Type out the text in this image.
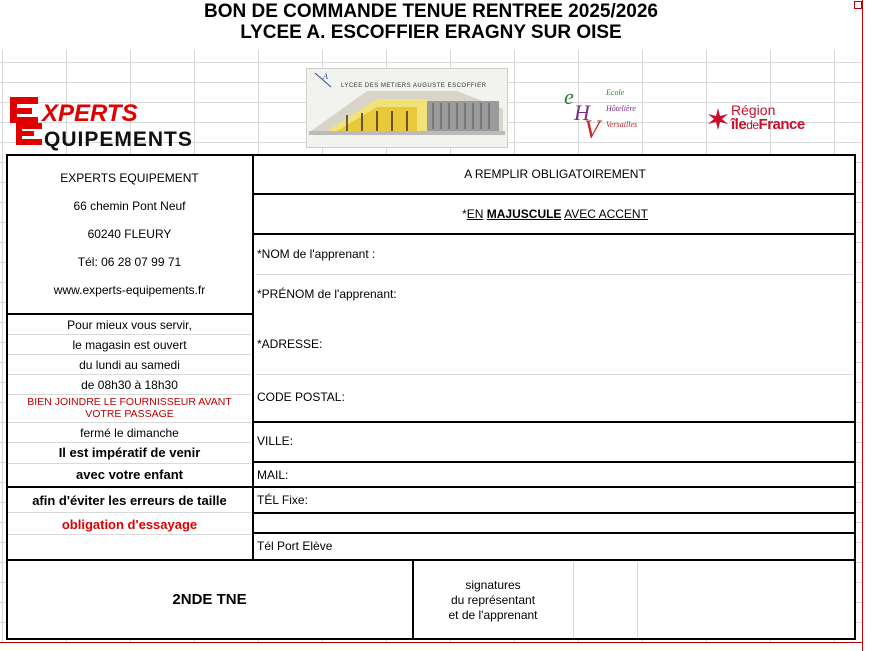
BON DE COMMANDE TENUE RENTREE 2025/2026
LYCEE A. ESCOFFIER ERAGNY SUR OISE
XPERTS
QUIPEMENTS
A
LYCEE DES METIERS AUGUSTE ESCOFFIER	e
H
V
Ecole
Hôtelière
Versailles
Région
îledeFrance
EXPERTS EQUIPEMENT
66 chemin Pont Neuf
60240 FLEURY
Tél: 06 28 07 99 71
www.experts-equipements.fr
Pour mieux vous servir,
le magasin est ouvert
du lundi au samedi
de 08h30 à 18h30
BIEN JOINDRE LE FOURNISSEUR AVANT VOTRE PASSAGE
fermé le dimanche
Il est impératif de venir
avec votre enfant
afin d'éviter les erreurs de taille
obligation d'essayage
A REMPLIR OBLIGATOIREMENT
*EN MAJUSCULE AVEC ACCENT
*NOM de l'apprenant :
*PRÉNOM de l'apprenant:
*ADRESSE:
CODE POSTAL:
VILLE:
MAIL:
TÉL Fixe:
Tél Port Elève
2NDE TNE
signatures
du représentant
et de l'apprenant
